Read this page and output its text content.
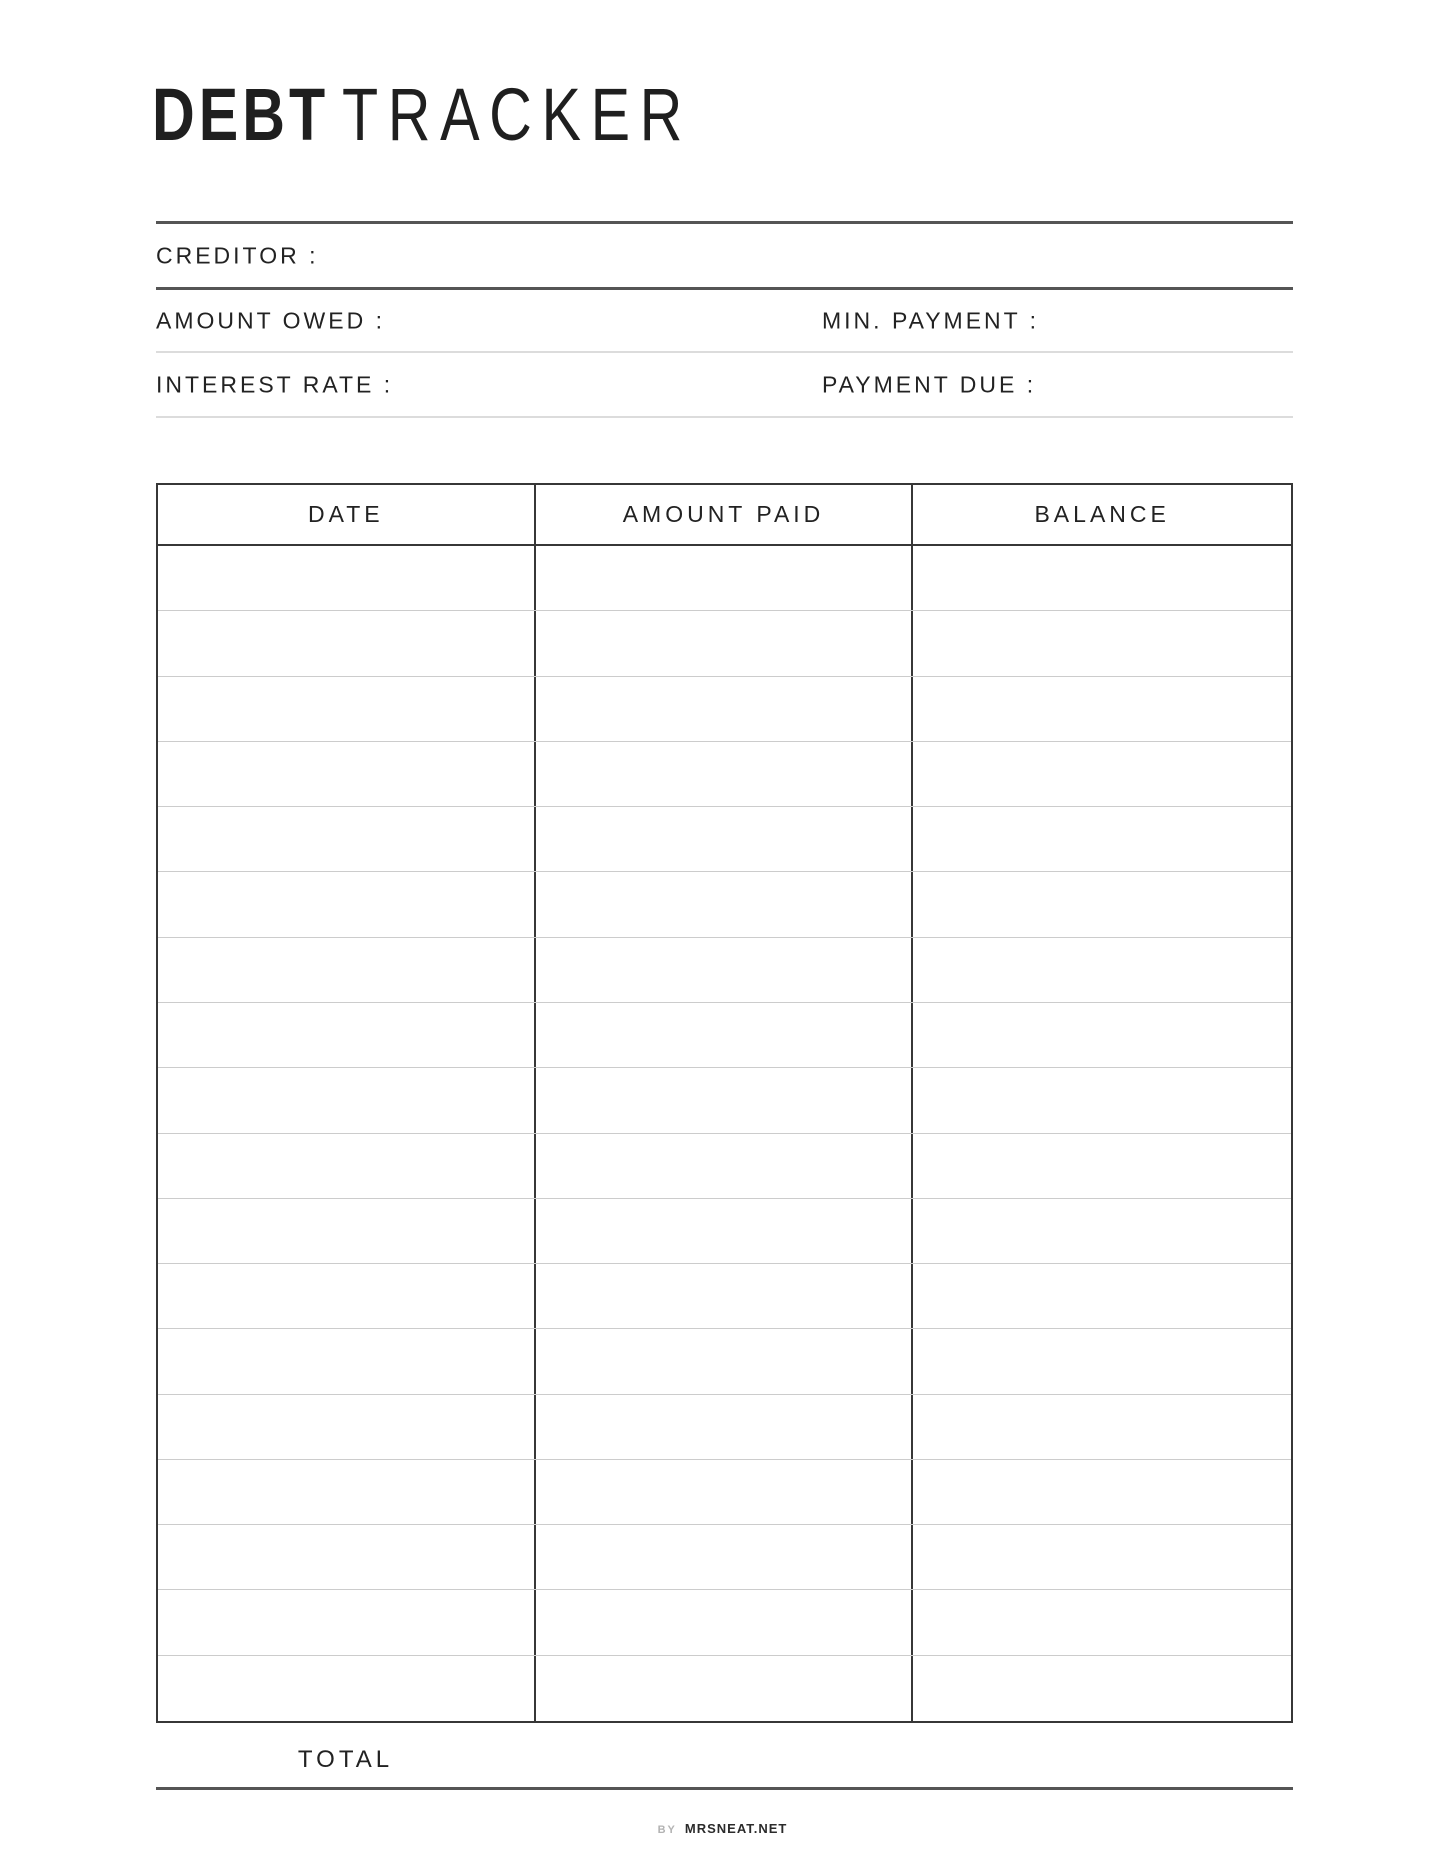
DEBT TRACKER
CREDITOR :
AMOUNT OWED :	MIN. PAYMENT :
INTEREST RATE :	PAYMENT DUE :
DATE	AMOUNT PAID	BALANCE
TOTAL
BY MRSNEAT.NET
